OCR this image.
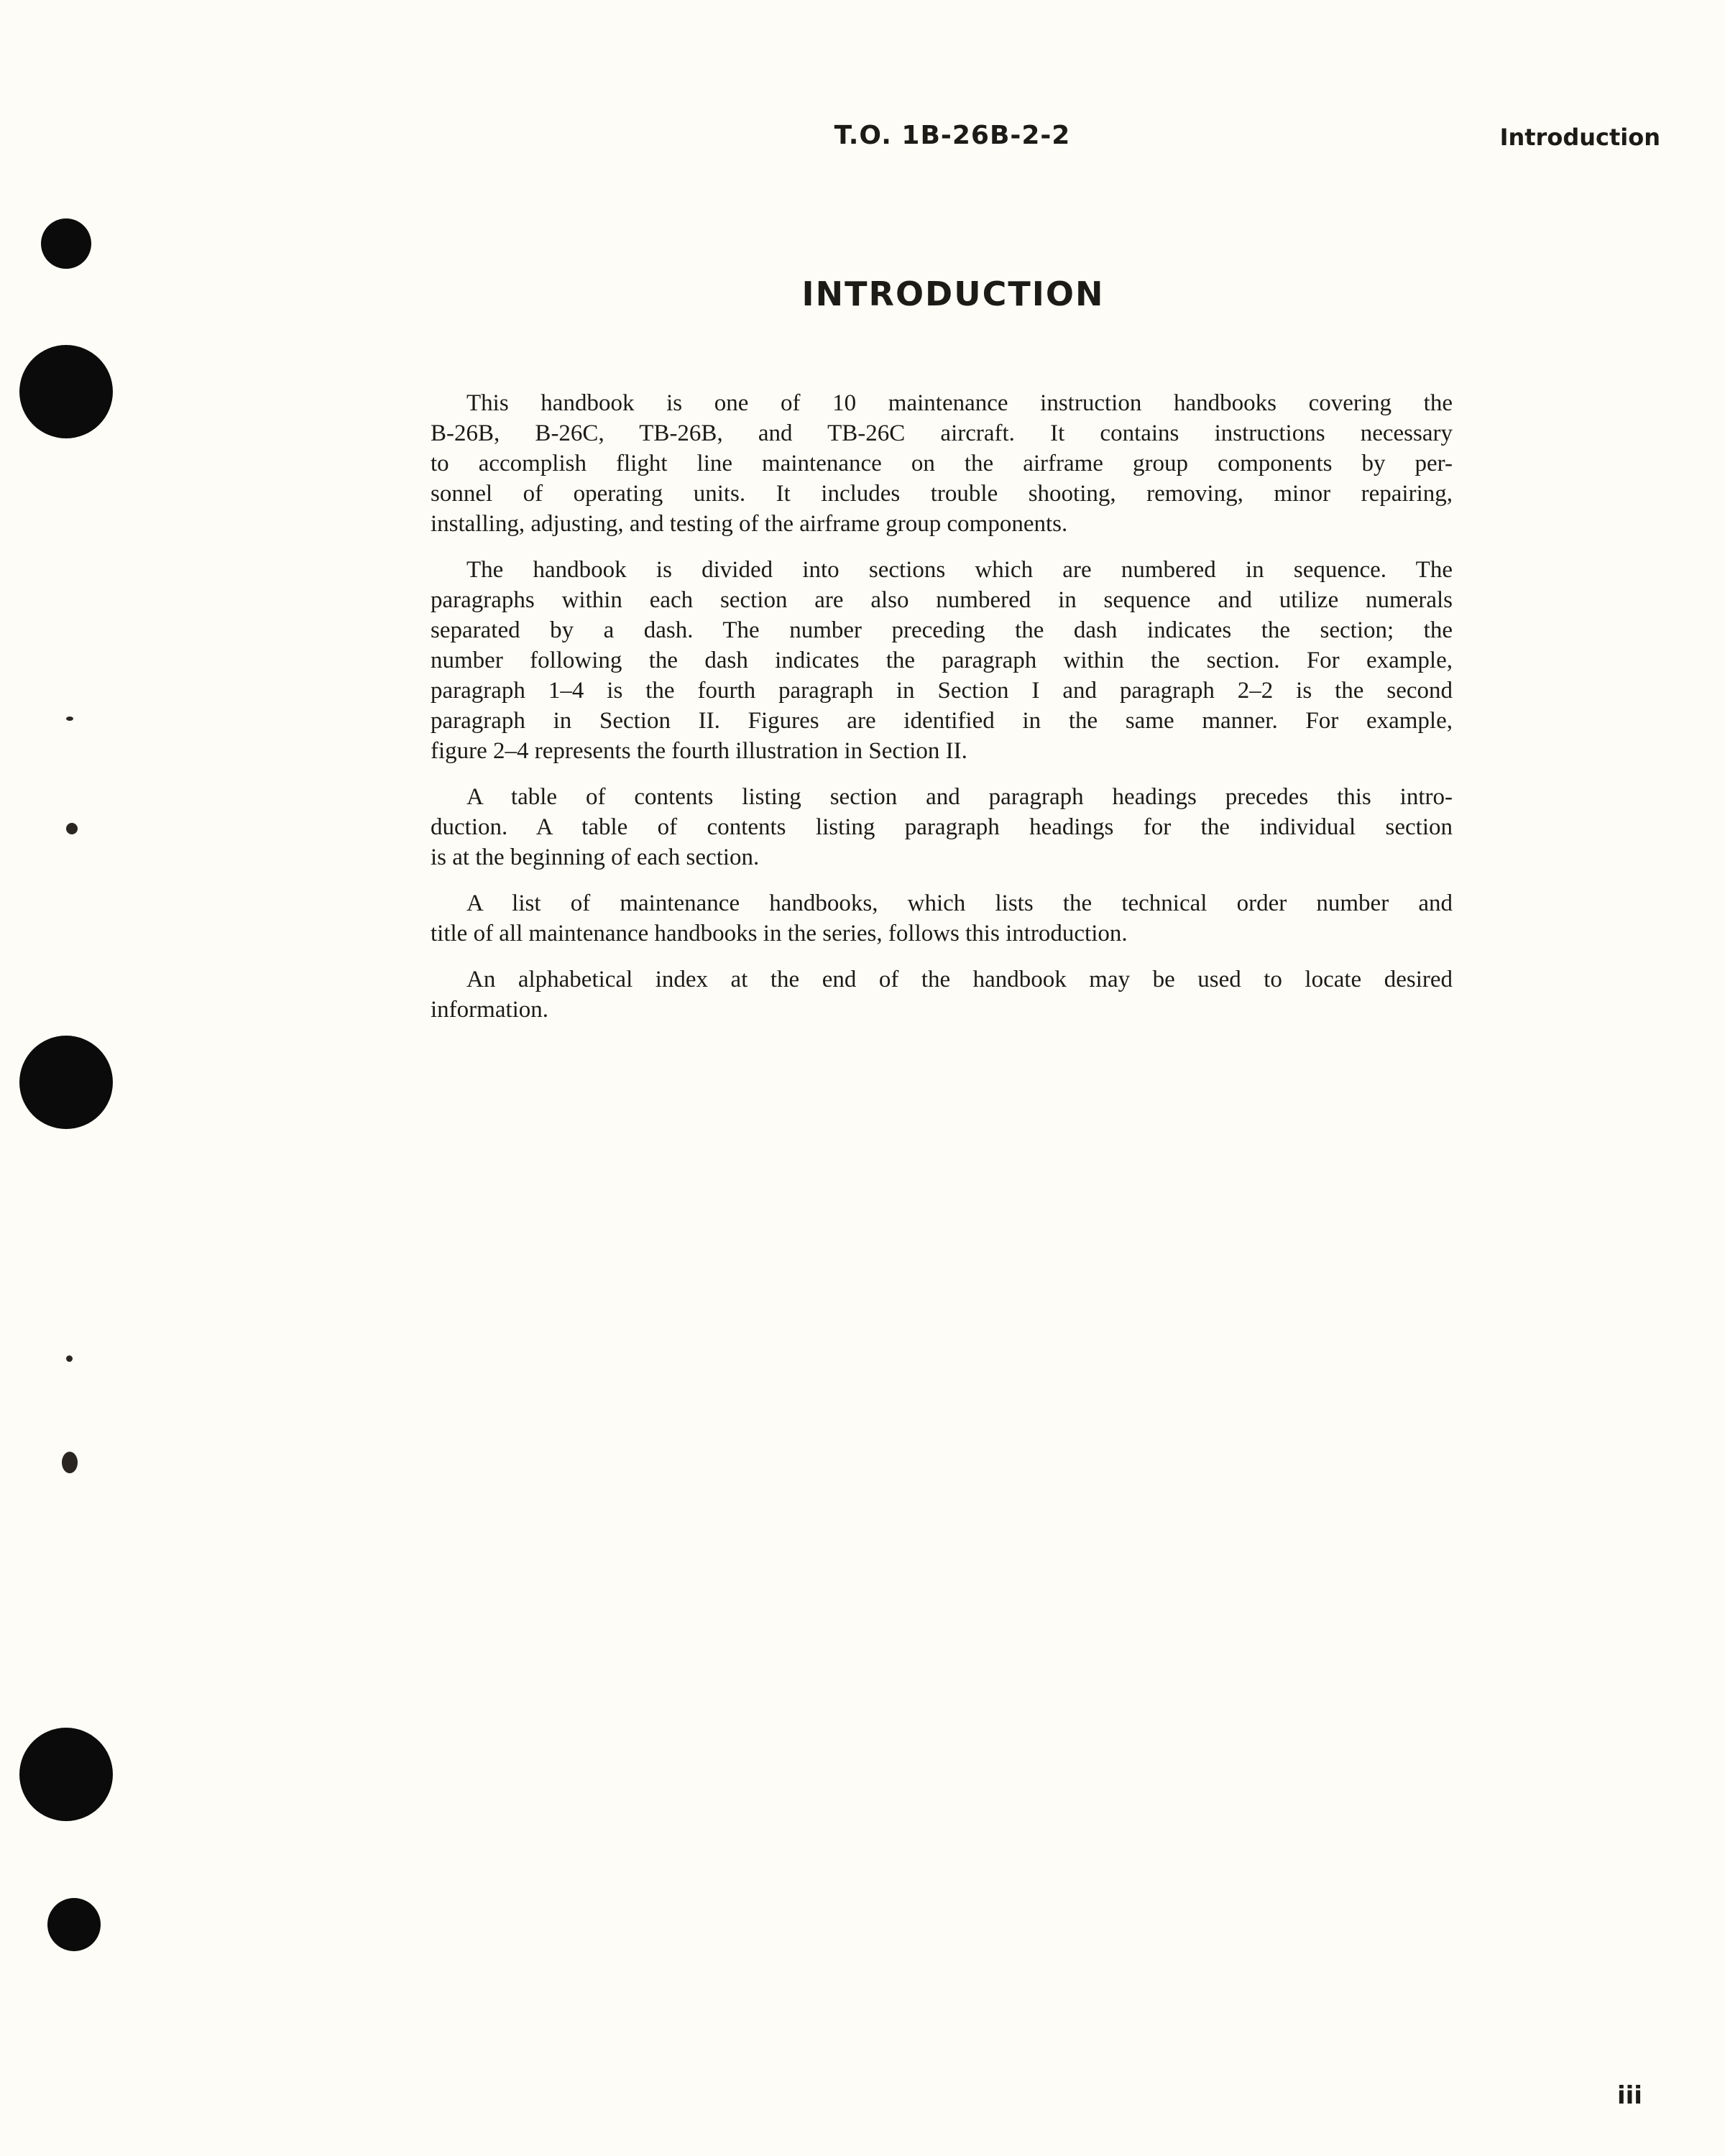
T.O. 1B-26B-2-2	Introduction
INTRODUCTION
This handbook is one of 10 maintenance instruction handbooks covering the
B-26B, B-26C, TB-26B, and TB-26C aircraft. It contains instructions necessary
to accomplish flight line maintenance on the airframe group components by per-
sonnel of operating units. It includes trouble shooting, removing, minor repairing,
installing, adjusting, and testing of the airframe group components.
The handbook is divided into sections which are numbered in sequence. The
paragraphs within each section are also numbered in sequence and utilize numerals
separated by a dash. The number preceding the dash indicates the section; the
number following the dash indicates the paragraph within the section. For example,
paragraph 1–4 is the fourth paragraph in Section I and paragraph 2–2 is the second
paragraph in Section II. Figures are identified in the same manner. For example,
figure 2–4 represents the fourth illustration in Section II.
A table of contents listing section and paragraph headings precedes this intro-
duction. A table of contents listing paragraph headings for the individual section
is at the beginning of each section.
A list of maintenance handbooks, which lists the technical order number and
title of all maintenance handbooks in the series, follows this introduction.
An alphabetical index at the end of the handbook may be used to locate desired
information.
iii
